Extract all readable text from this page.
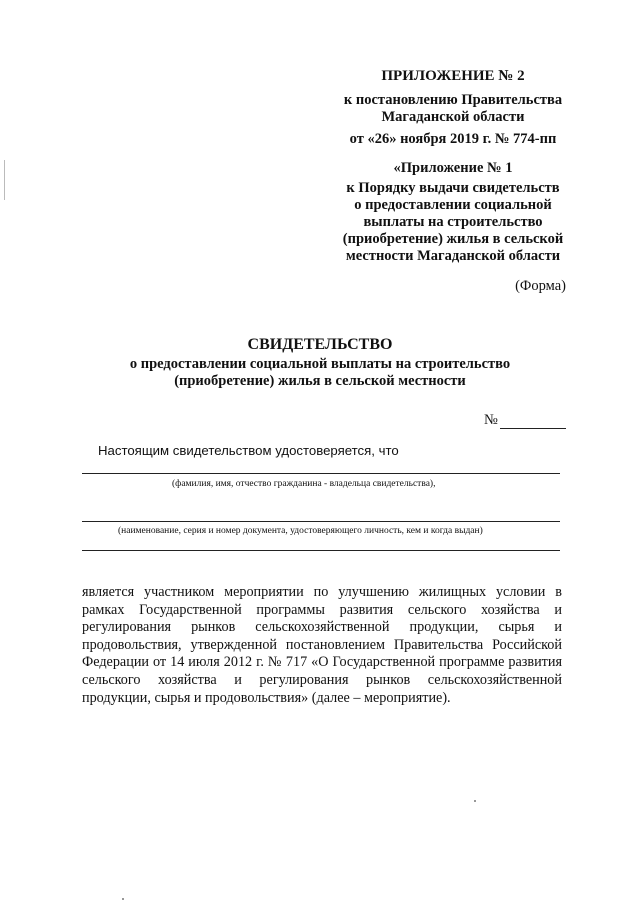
ПРИЛОЖЕНИЕ № 2
к постановлению Правительства
Магаданской области
от «26» ноября 2019 г. № 774-пп
«Приложение № 1
к Порядку выдачи свидетельств
о предоставлении социальной
выплаты на строительство
(приобретение) жилья в сельской
местности Магаданской области
(Форма)
СВИДЕТЕЛЬСТВО
о предоставлении социальной выплаты на строительство
(приобретение) жилья в сельской местности
№
Настоящим свидетельством удостоверяется, что
(фамилия, имя, отчество гражданина - владельца свидетельства),
(наименование, серия и номер документа, удостоверяющего личность, кем и когда выдан)

является участником мероприятии по улучшению жилищных условии в рамках Государственной программы развития сельского хозяйства и регулирования рынков сельскохозяйственной продукции, сырья и продовольствия, утвержденной постановлением Правительства Российской Федерации от 14 июля 2012 г. № 717 «О Государственной программе развития сельского хозяйства и регулирования рынков сельскохозяйственной продукции, сырья и продовольствия» (далее – мероприятие).
